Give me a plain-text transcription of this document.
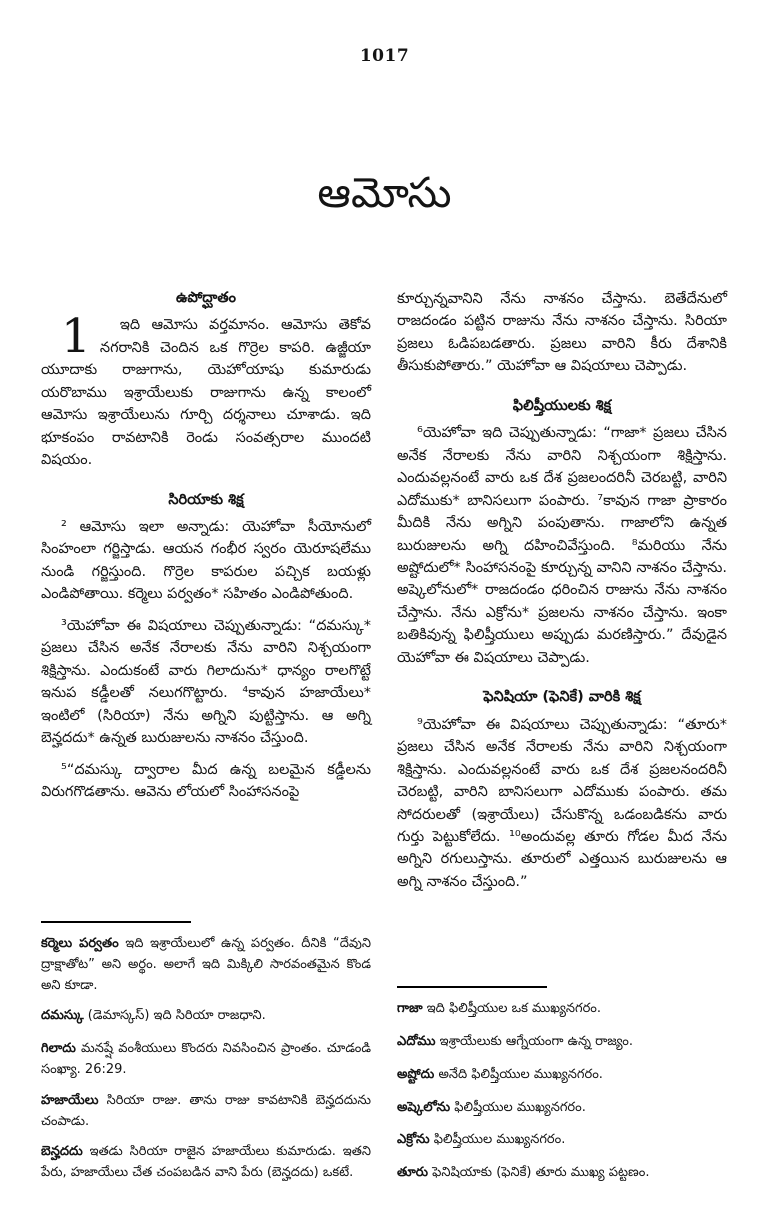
1017
ఆమోసు
ఉపోద్ఘాతం

1	ఇది ఆమోసు వర్తమానం. ఆమోసు తెకోవ నగరానికి చెందిన ఒక గొర్రెల కాపరి. ఉజ్జీయా యూదాకు రాజుగాను, యెహోయాషు కుమారుడు యరొబాము ఇశ్రాయేలుకు రాజుగాను ఉన్న కాలంలో ఆమోసు ఇశ్రాయేలును గూర్చి దర్శనాలు చూశాడు. ఇది భూకంపం రావటానికి రెండు సంవత్సరాల ముందటి విషయం.

సిరియాకు శిక్ష

² ఆమోసు ఇలా అన్నాడు: యెహోవా సీయోనులో సింహంలా గర్జిస్తాడు. ఆయన గంభీర స్వరం యెరూషలేము నుండి గర్జిస్తుంది. గొర్రెల కాపరుల పచ్చిక బయళ్లు ఎండిపోతాయి. కర్మెలు పర్వతం* సహితం ఎండిపోతుంది.

³యెహోవా ఈ విషయాలు చెప్పుతున్నాడు: “దమస్కు* ప్రజలు చేసిన అనేక నేరాలకు నేను వారిని నిశ్చయంగా శిక్షిస్తాను. ఎందుకంటే వారు గిలాదును* ధాన్యం రాలగొట్టే ఇనుప కడ్డీలతో నలుగగొట్టారు. ⁴కావున హజాయేలు* ఇంటిలో (సిరియా) నేను అగ్నిని పుట్టిస్తాను. ఆ అగ్ని బెన్హదదు* ఉన్నత బురుజులను నాశనం చేస్తుంది.

⁵“దమస్కు ద్వారాల మీద ఉన్న బలమైన కడ్డీలను విరుగగొడతాను. ఆవెను లోయలో సింహాసనంపై

కర్మెలు పర్వతం ఇది ఇశ్రాయేలులో ఉన్న పర్వతం. దీనికి “దేవుని ద్రాక్షాతోట” అని అర్థం. అలాగే ఇది మిక్కిలి సారవంతమైన కొండ అని కూడా.

దమస్కు (డెమాస్కస్) ఇది సిరియా రాజధాని.

గిలాదు మనష్షే వంశీయులు కొందరు నివసించిన ప్రాంతం. చూడండి సంఖ్యా. 26:29.

హజాయేలు సిరియా రాజు. తాను రాజు కావటానికి బెన్హదదును చంపాడు.

బెన్హదదు ఇతడు సిరియా రాజైన హజాయేలు కుమారుడు. ఇతని పేరు, హజాయేలు చేత చంపబడిన వాని పేరు (బెన్హదదు) ఒకటే.

కూర్చున్నవానిని నేను నాశనం చేస్తాను. బెతేదేనులో రాజదండం పట్టిన రాజును నేను నాశనం చేస్తాను. సిరియా ప్రజలు ఓడిపబడతారు. ప్రజలు వారిని కీరు దేశానికి తీసుకుపోతారు.” యెహోవా ఆ విషయాలు చెప్పాడు.

ఫిలిష్తీయులకు శిక్ష

⁶యెహోవా ఇది చెప్పుతున్నాడు: “గాజా* ప్రజలు చేసిన అనేక నేరాలకు నేను వారిని నిశ్చయంగా శిక్షిస్తాను. ఎందువల్లనంటే వారు ఒక దేశ ప్రజలందరినీ చెరబట్టి, వారిని ఎదోముకు* బానిసలుగా పంపారు. ⁷కావున గాజా ప్రాకారం మీదికి నేను అగ్నిని పంపుతాను. గాజాలోని ఉన్నత బురుజులను అగ్ని దహించివేస్తుంది. ⁸మరియు నేను అష్టోదులో* సింహాసనంపై కూర్చున్న వానిని నాశనం చేస్తాను. అష్కెలోనులో* రాజదండం ధరించిన రాజును నేను నాశనం చేస్తాను. నేను ఎక్రోను* ప్రజలను నాశనం చేస్తాను. ఇంకా బతికివున్న ఫిలిష్తీయులు అప్పుడు మరణిస్తారు.” దేవుడైన యెహోవా ఈ విషయాలు చెప్పాడు.

ఫెనిషియా (ఫెనికే) వారికి శిక్ష

⁹యెహోవా ఈ విషయాలు చెప్పుతున్నాడు: “తూరు* ప్రజలు చేసిన అనేక నేరాలకు నేను వారిని నిశ్చయంగా శిక్షిస్తాను. ఎందువల్లనంటే వారు ఒక దేశ ప్రజలనందరినీ చెరబట్టి, వారిని బానిసలుగా ఎదోముకు పంపారు. తమ సోదరులతో (ఇశ్రాయేలు) చేసుకొన్న ఒడంబడికను వారు గుర్తు పెట్టుకోలేదు. ¹⁰అందువల్ల తూరు గోడల మీద నేను అగ్నిని రగులుస్తాను. తూరులో ఎత్తయిన బురుజులను ఆ అగ్ని నాశనం చేస్తుంది.”

గాజా ఇది ఫిలిష్తీయుల ఒక ముఖ్యనగరం.

ఎదోము ఇశ్రాయేలుకు ఆగ్నేయంగా ఉన్న రాజ్యం.

అష్టోదు అనేది ఫిలిష్తీయుల ముఖ్యనగరం.

అష్కెలోను ఫిలిష్తీయుల ముఖ్యనగరం.

ఎక్రోను ఫిలిష్తీయుల ముఖ్యనగరం.

తూరు ఫెనిషియాకు (ఫెనికే) తూరు ముఖ్య పట్టణం.
